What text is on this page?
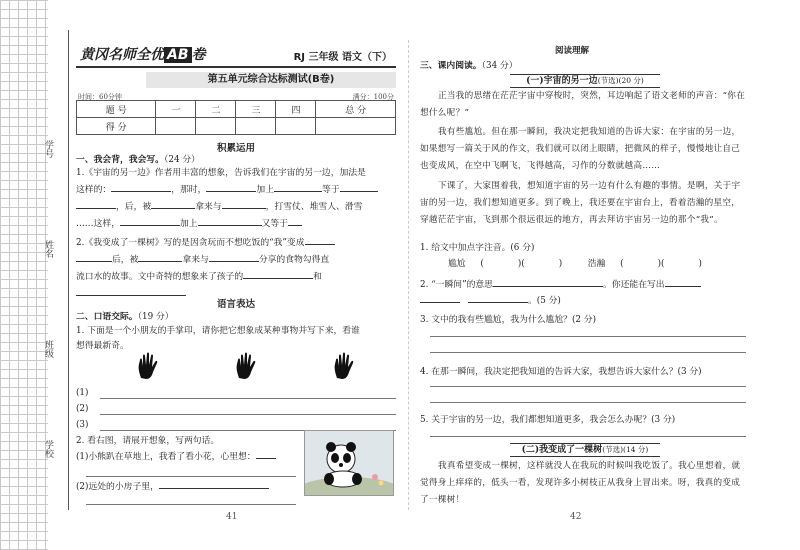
学号
姓名
班级
学校
黄冈名师全优 AB 卷	RJ 三年级 语文（下）
第五单元综合达标测试(B卷)
时间：60分钟	满分：100分
题 号	一	二	三	四	总 分
得 分					
积累运用
一、我会背，我会写。（24 分）
1.《宇宙的另一边》作者用丰富的想象，告诉我们在宇宙的另一边，加法是
这样的：	，那时，	加上	等于
，后，被	拿来与	，打雪仗、堆雪人、滑雪
……这样，	加上	又等于
2.《我变成了一棵树》写的是因贪玩而不想吃饭的“我”变成
后，被	拿来与	分享的食物勾得直
流口水的故事。文中奇特的想象来了孩子的	和
语言表达
二、口语交际。（19 分）
1. 下面是一个小朋友的手掌印，请你把它想象成某种事物并写下来，看谁
想得最新奇。
(1)
(2)
(3)
2. 看右图，请展开想象，写两句话。
(1)小熊趴在草地上，我看了看小花，心里想：
(2)远处的小房子里，
41
阅读理解
三、课内阅读。（34 分）
(一)宇宙的另一边(节选)(20 分)
正当我的思绪在茫茫宇宙中穿梭时，突然，耳边响起了语文老师的声音：“你在想什么呢？”
我有些尴尬。但在那一瞬间，我决定把我知道的告诉大家：在宇宙的另一边，如果想写一篇关于风的作文，我们就可以闭上眼睛，把微风的样子，慢慢地让自己也变成风，在空中飞啊飞，飞得越高，习作的分数就越高……
下课了，大家围着我，想知道宇宙的另一边有什么有趣的事情。是啊，关于宇宙的另一边，我们想知道更多。到了晚上，我还要在宇宙台上，看着浩瀚的星空，穿越茫茫宇宙，飞到那个很远很远的地方，再去拜访宇宙另一边的那个“我”。
1. 给文中加点字注音。(6 分)
尴尬 (	)(	)	浩瀚 (	)(	)
2. “一瞬间”的意思	。你还能在写出
。(5 分)
3. 文中的我有些尴尬，我为什么尴尬？(2 分)
4. 在那一瞬间，我决定把我知道的告诉大家，我想告诉大家什么？(3 分)
5. 关于宇宙的另一边，我们都想知道更多，我会怎么办呢？(3 分)
(二)我变成了一棵树(节选)(14 分)
我真希望变成一棵树，这样就没人在我玩的时候叫我吃饭了。我心里想着，就觉得身上痒痒的，低头一看，发现许多小树枝正从我身上冒出来。呀，我真的变成了一棵树！
42
